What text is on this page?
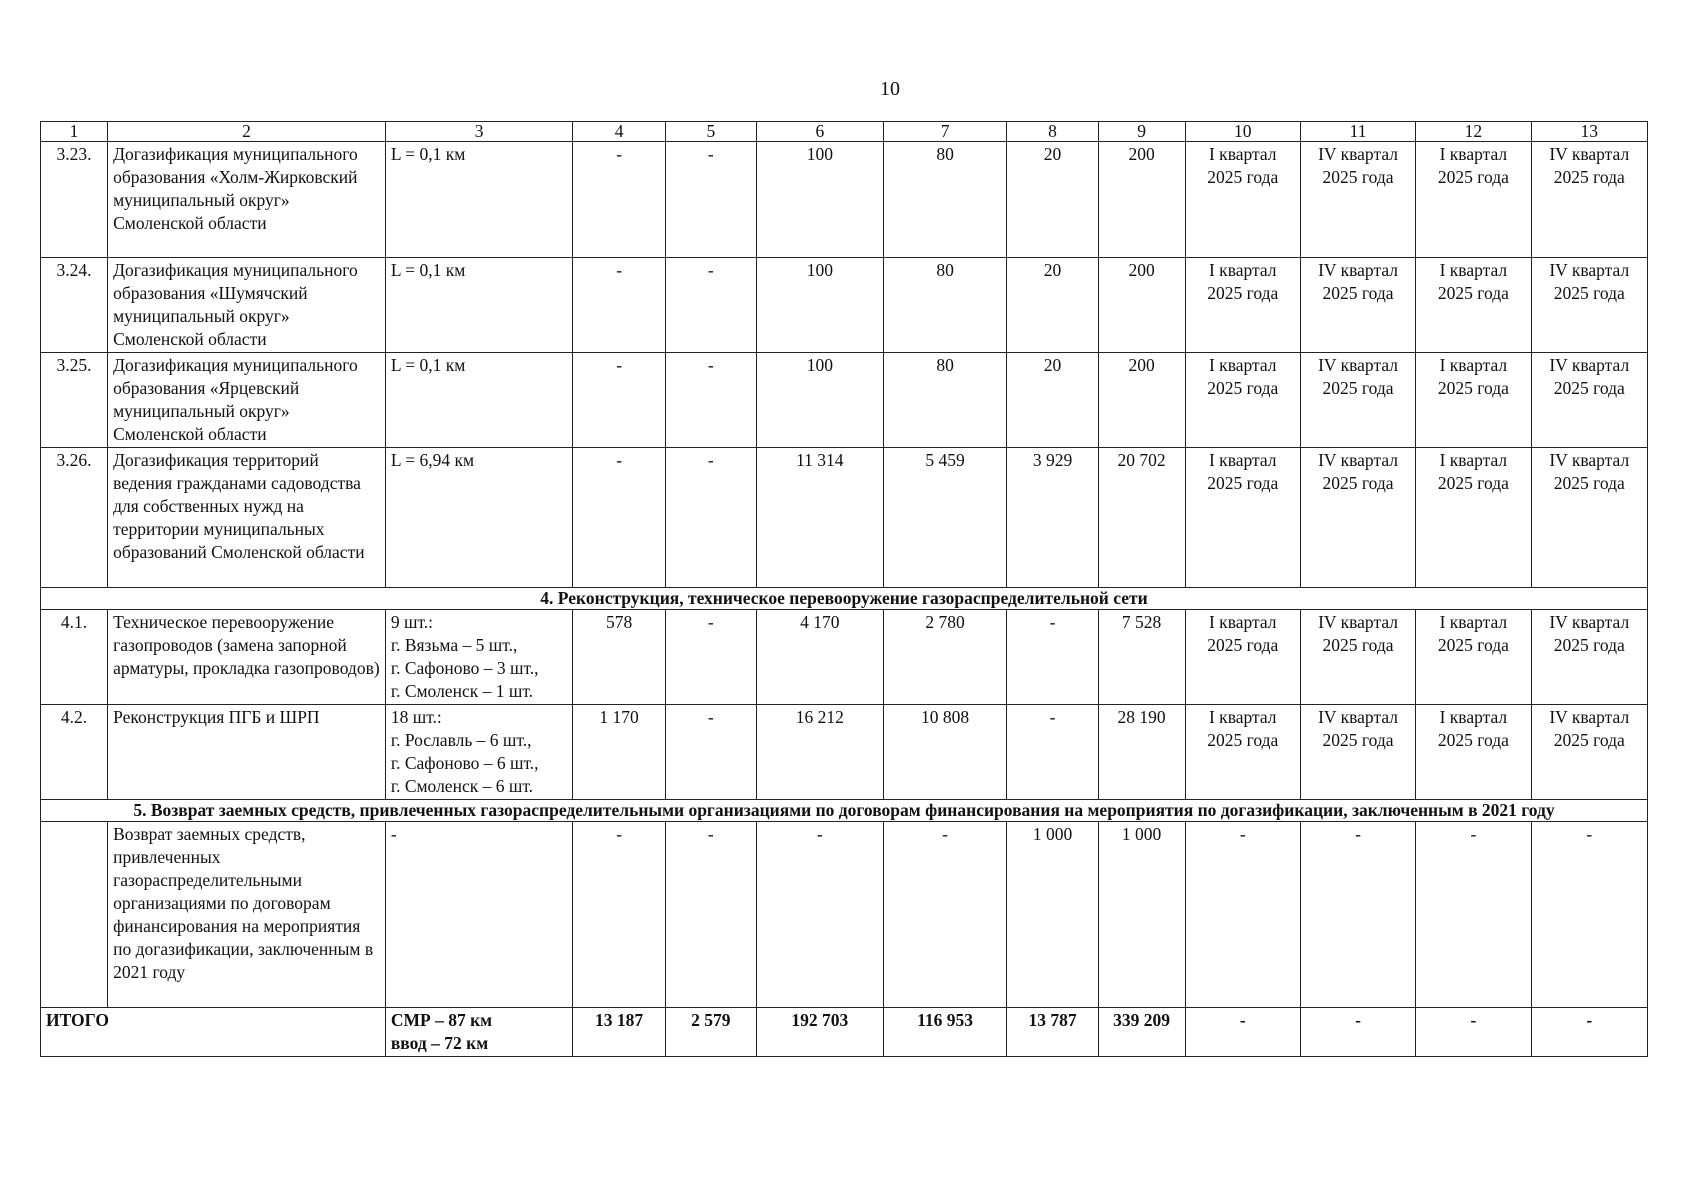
10
1	2	3	4	5	6	7	8	9	10	11	12	13
3.23.	Догазификация муниципального образования «Холм-Жирковский муниципальный округ» Смоленской области	L = 0,1 км	-	-	100	80	20	200	I квартал 2025 года	IV квартал 2025 года	I квартал 2025 года	IV квартал 2025 года
3.24.	Догазификация муниципального образования «Шумячский муниципальный округ» Смоленской области	L = 0,1 км	-	-	100	80	20	200	I квартал 2025 года	IV квартал 2025 года	I квартал 2025 года	IV квартал 2025 года
3.25.	Догазификация муниципального образования «Ярцевский муниципальный округ» Смоленской области	L = 0,1 км	-	-	100	80	20	200	I квартал 2025 года	IV квартал 2025 года	I квартал 2025 года	IV квартал 2025 года
3.26.	Догазификация территорий ведения гражданами садоводства для собственных нужд на территории муниципальных образований Смоленской области	L = 6,94 км	-	-	11 314	5 459	3 929	20 702	I квартал 2025 года	IV квартал 2025 года	I квартал 2025 года	IV квартал 2025 года
4. Реконструкция, техническое перевооружение газораспределительной сети												
4.1.	Техническое перевооружение газопроводов (замена запорной арматуры, прокладка газопроводов)	9 шт.:
г. Вязьма – 5 шт.,
г. Сафоново – 3 шт.,
г. Смоленск – 1 шт.	578	-	4 170	2 780	-	7 528	I квартал 2025 года	IV квартал 2025 года	I квартал 2025 года	IV квартал 2025 года
4.2.	Реконструкция ПГБ и ШРП	18 шт.:
г. Рославль – 6 шт.,
г. Сафоново – 6 шт.,
г. Смоленск – 6 шт.	1 170	-	16 212	10 808	-	28 190	I квартал 2025 года	IV квартал 2025 года	I квартал 2025 года	IV квартал 2025 года
5. Возврат заемных средств, привлеченных газораспределительными организациями по договорам финансирования на мероприятия по догазификации, заключенным в 2021 году												
	Возврат заемных средств, привлеченных газораспределительными организациями по договорам финансирования на мероприятия по догазификации, заключенным в 2021 году	-	-	-	-	-	1 000	1 000	-	-	-	-
ИТОГО		СМР – 87 км
ввод – 72 км	13 187	2 579	192 703	116 953	13 787	339 209	-	-	-	-
